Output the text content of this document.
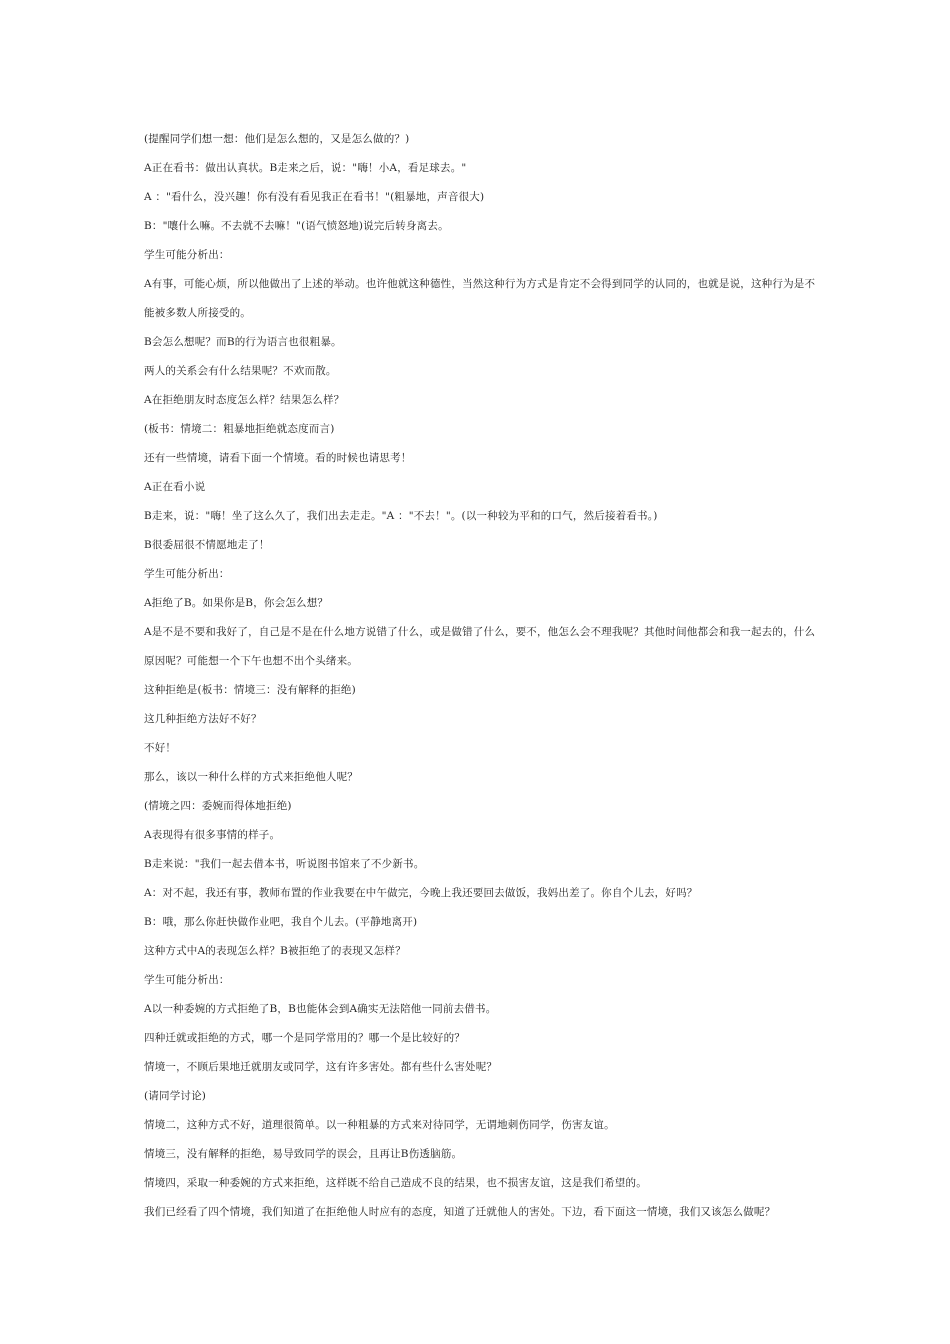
(提醒同学们想一想：他们是怎么想的，又是怎么做的？)

A正在看书：做出认真状。B走来之后，说："嗨！小A，看足球去。"

A ："看什么，没兴趣！你有没有看见我正在看书！"(粗暴地，声音很大)

B："嚷什么嘛。不去就不去嘛！"(语气愤怒地)说完后转身离去。

学生可能分析出：

A有事，可能心烦，所以他做出了上述的举动。也许他就这种德性，当然这种行为方式是肯定不会得到同学的认同的，也就是说，这种行为是不能被多数人所接受的。

B会怎么想呢？而B的行为语言也很粗暴。

两人的关系会有什么结果呢？不欢而散。

A在拒绝朋友时态度怎么样？结果怎么样？

(板书：情境二：粗暴地拒绝就态度而言)

还有一些情境，请看下面一个情境。看的时候也请思考！

A正在看小说

B走来，说："嗨！坐了这么久了，我们出去走走。"A ："不去！"。(以一种较为平和的口气，然后接着看书。)

B很委屈很不情愿地走了！

学生可能分析出：

A拒绝了B。如果你是B，你会怎么想？

A是不是不要和我好了，自己是不是在什么地方说错了什么，或是做错了什么，要不，他怎么会不理我呢？其他时间他都会和我一起去的，什么原因呢？可能想一个下午也想不出个头绪来。

这种拒绝是(板书：情境三：没有解释的拒绝)

这几种拒绝方法好不好？

不好！

那么，该以一种什么样的方式来拒绝他人呢？

(情境之四：委婉而得体地拒绝)

A表现得有很多事情的样子。

B走来说："我们一起去借本书，听说图书馆来了不少新书。

A：对不起，我还有事，教师布置的作业我要在中午做完，今晚上我还要回去做饭，我妈出差了。你自个儿去，好吗？

B：哦，那么你赶快做作业吧，我自个儿去。(平静地离开)

这种方式中A的表现怎么样？B被拒绝了的表现又怎样？

学生可能分析出：

A以一种委婉的方式拒绝了B，B也能体会到A确实无法陪他一同前去借书。

四种迁就或拒绝的方式，哪一个是同学常用的？哪一个是比较好的？

情境一，不顾后果地迁就朋友或同学，这有许多害处。都有些什么害处呢？

(请同学讨论)

情境二，这种方式不好，道理很简单。以一种粗暴的方式来对待同学，无谓地刺伤同学，伤害友谊。

情境三，没有解释的拒绝，易导致同学的误会，且再让B伤透脑筋。

情境四，采取一种委婉的方式来拒绝，这样既不给自己造成不良的结果，也不损害友谊，这是我们希望的。

我们已经看了四个情境，我们知道了在拒绝他人时应有的态度，知道了迁就他人的害处。下边，看下面这一情境，我们又该怎么做呢？
